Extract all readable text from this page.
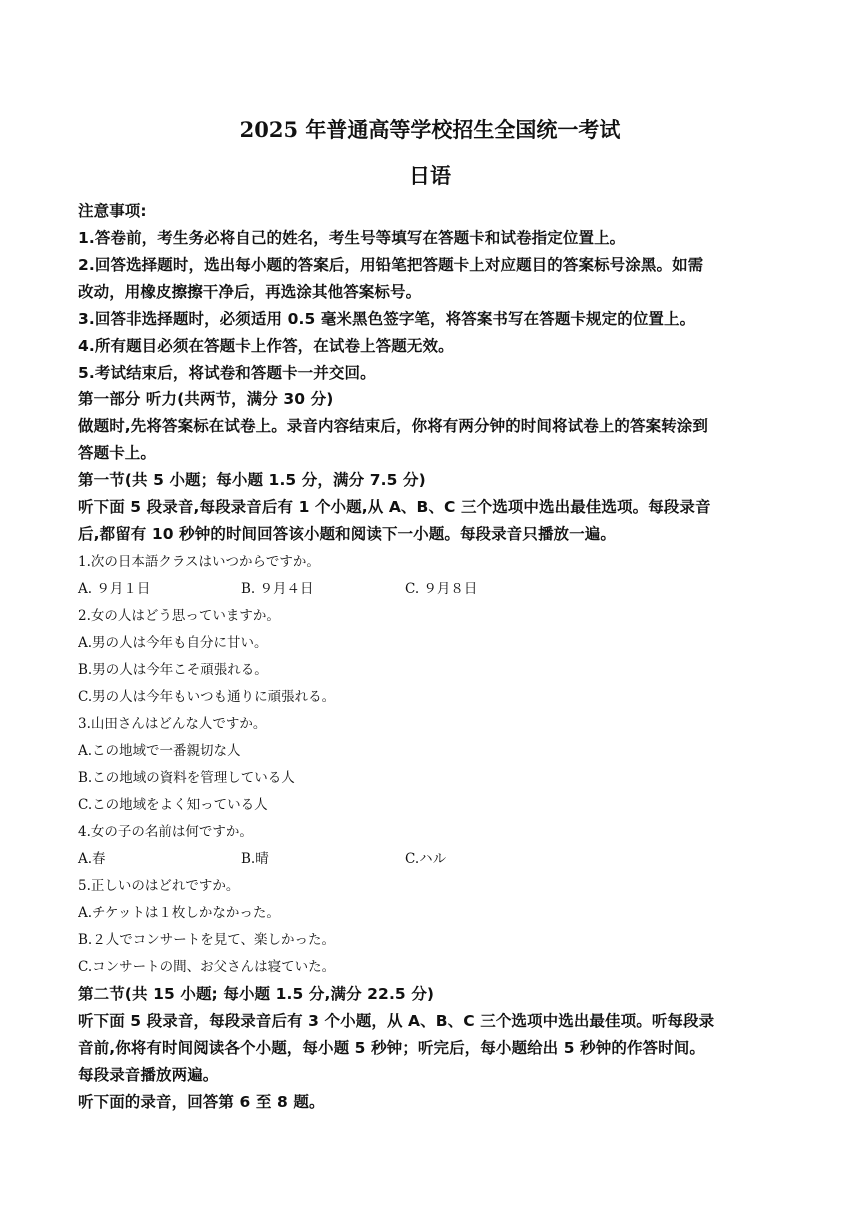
2025 年普通高等学校招生全国统一考试
日语
注意事项:
1.答卷前，考生务必将自己的姓名，考生号等填写在答题卡和试卷指定位置上。
2.回答选择题时，选出每小题的答案后，用铅笔把答题卡上对应题目的答案标号涂黑。如需
改动，用橡皮擦擦干净后，再选涂其他答案标号。
3.回答非选择题时，必须适用 0.5 毫米黑色签字笔，将答案书写在答题卡规定的位置上。
4.所有题目必须在答题卡上作答，在试卷上答题无效。
5.考试结束后，将试卷和答题卡一并交回。
第一部分 听力(共两节，满分 30 分)
做题时,先将答案标在试卷上。录音内容结束后，你将有两分钟的时间将试卷上的答案转涂到
答题卡上。
第一节(共 5 小题；每小题 1.5 分，满分 7.5 分)
听下面 5 段录音,每段录音后有 1 个小题,从 A、B、C 三个选项中选出最佳选项。每段录音
后,都留有 10 秒钟的时间回答该小题和阅读下一小题。每段录音只播放一遍。
1.次の日本語クラスはいつからですか。
A. ９月１日	B. ９月４日	C. ９月８日
2.女の人はどう思っていますか。
A.男の人は今年も自分に甘い。
B.男の人は今年こそ頑張れる。
C.男の人は今年もいつも通りに頑張れる。
3.山田さんはどんな人ですか。
A.この地域で一番親切な人
B.この地域の資料を管理している人
C.この地域をよく知っている人
4.女の子の名前は何ですか。
A.春	B.晴	C.ハル
5.正しいのはどれですか。
A.チケットは１枚しかなかった。
B.２人でコンサートを見て、楽しかった。
C.コンサートの間、お父さんは寝ていた。
第二节(共 15 小题; 每小题 1.5 分,满分 22.5 分)
听下面 5 段录音，每段录音后有 3 个小题，从 A、B、C 三个选项中选出最佳项。听每段录
音前,你将有时间阅读各个小题，每小题 5 秒钟；听完后，每小题给出 5 秒钟的作答时间。
每段录音播放两遍。
听下面的录音，回答第 6 至 8 题。
